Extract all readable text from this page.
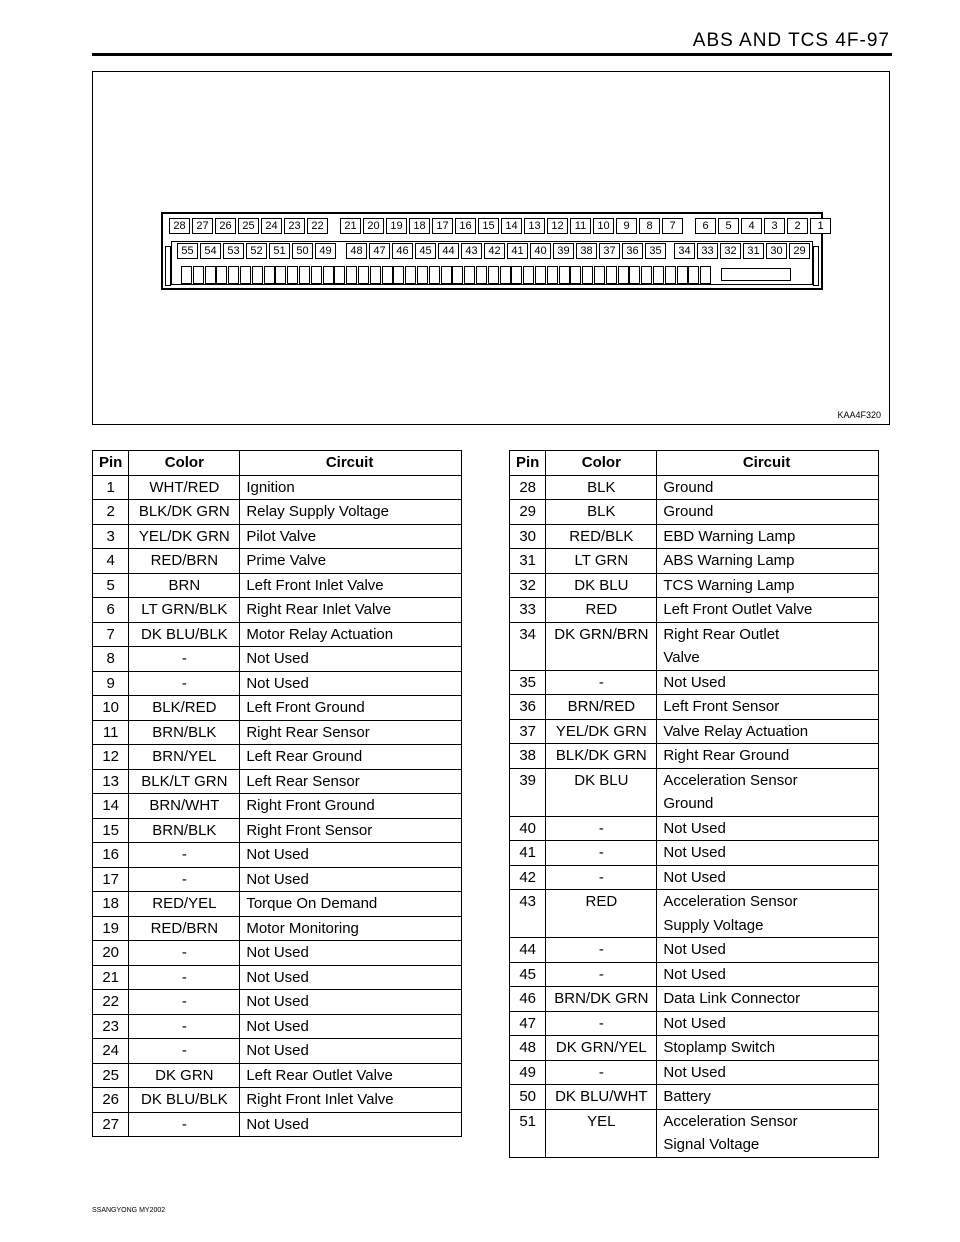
ABS AND TCS 4F-97
28 27 26 25 24 23 22	21 20 19 18 17 16 15 14 13 12	11	10	9	8	7	6	5	4	3	2	1
55 54 53 52 51 50 49	48 47 46 45 44 43 42 41 40 39 38 37 36 35	34 33 32 31 30 29
KAA4F320
Pin	Color	Circuit
1	WHT/RED	Ignition
2	BLK/DK GRN	Relay Supply Voltage
3	YEL/DK GRN	Pilot Valve
4	RED/BRN	Prime Valve
5	BRN	Left Front Inlet Valve
6	LT GRN/BLK	Right Rear Inlet Valve
7	DK BLU/BLK	Motor Relay Actuation
8	-	Not Used
9	-	Not Used
10	BLK/RED	Left Front Ground
11	BRN/BLK	Right Rear Sensor
12	BRN/YEL	Left Rear Ground
13	BLK/LT GRN	Left Rear Sensor
14	BRN/WHT	Right Front Ground
15	BRN/BLK	Right Front Sensor
16	-	Not Used
17	-	Not Used
18	RED/YEL	Torque On Demand
19	RED/BRN	Motor Monitoring
20	-	Not Used
21	-	Not Used
22	-	Not Used
23	-	Not Used
24	-	Not Used
25	DK GRN	Left Rear Outlet Valve
26	DK BLU/BLK	Right Front Inlet Valve
27	-	Not Used
Pin	Color	Circuit
28	BLK	Ground
29	BLK	Ground
30	RED/BLK	EBD Warning Lamp
31	LT GRN	ABS Warning Lamp
32	DK BLU	TCS Warning Lamp
33	RED	Left Front Outlet Valve
34	DK GRN/BRN	Right Rear Outlet
		Valve
35	-	Not Used
36	BRN/RED	Left Front Sensor
37	YEL/DK GRN	Valve Relay Actuation
38	BLK/DK GRN	Right Rear Ground
39	DK BLU	Acceleration Sensor
		Ground
40	-	Not Used
41	-	Not Used
42	-	Not Used
43	RED	Acceleration Sensor
		Supply Voltage
44	-	Not Used
45	-	Not Used
46	BRN/DK GRN	Data Link Connector
47	-	Not Used
48	DK GRN/YEL	Stoplamp Switch
49	-	Not Used
50	DK BLU/WHT	Battery
51	YEL	Acceleration Sensor
		Signal Voltage
SSANGYONG MY2002
